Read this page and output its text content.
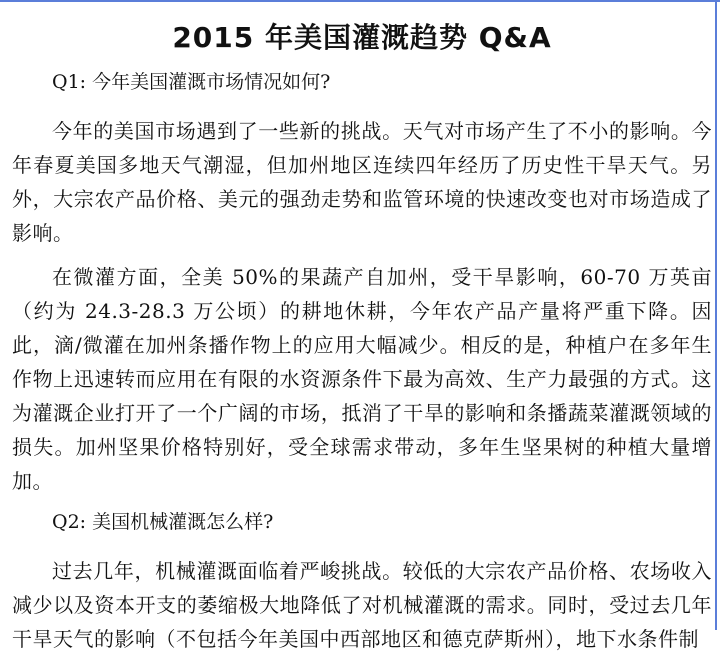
2015 年美国灌溉趋势 Q&A
Q1: 今年美国灌溉市场情况如何?

今年的美国市场遇到了一些新的挑战。天气对市场产生了不小的影响。今年春夏美国多地天气潮湿，但加州地区连续四年经历了历史性干旱天气。另外，大宗农产品价格、美元的强劲走势和监管环境的快速改变也对市场造成了影响。

在微灌方面，全美 50%的果蔬产自加州，受干旱影响，60-70 万英亩（约为 24.3-28.3 万公顷）的耕地休耕，今年农产品产量将严重下降。因此，滴/微灌在加州条播作物上的应用大幅减少。相反的是，种植户在多年生作物上迅速转而应用在有限的水资源条件下最为高效、生产力最强的方式。这为灌溉企业打开了一个广阔的市场，抵消了干旱的影响和条播蔬菜灌溉领域的损失。加州坚果价格特别好，受全球需求带动，多年生坚果树的种植大量增加。

Q2: 美国机械灌溉怎么样?

过去几年，机械灌溉面临着严峻挑战。较低的大宗农产品价格、农场收入减少以及资本开支的萎缩极大地降低了对机械灌溉的需求。同时，受过去几年干旱天气的影响（不包括今年美国中西部地区和德克萨斯州），地下水条件制
